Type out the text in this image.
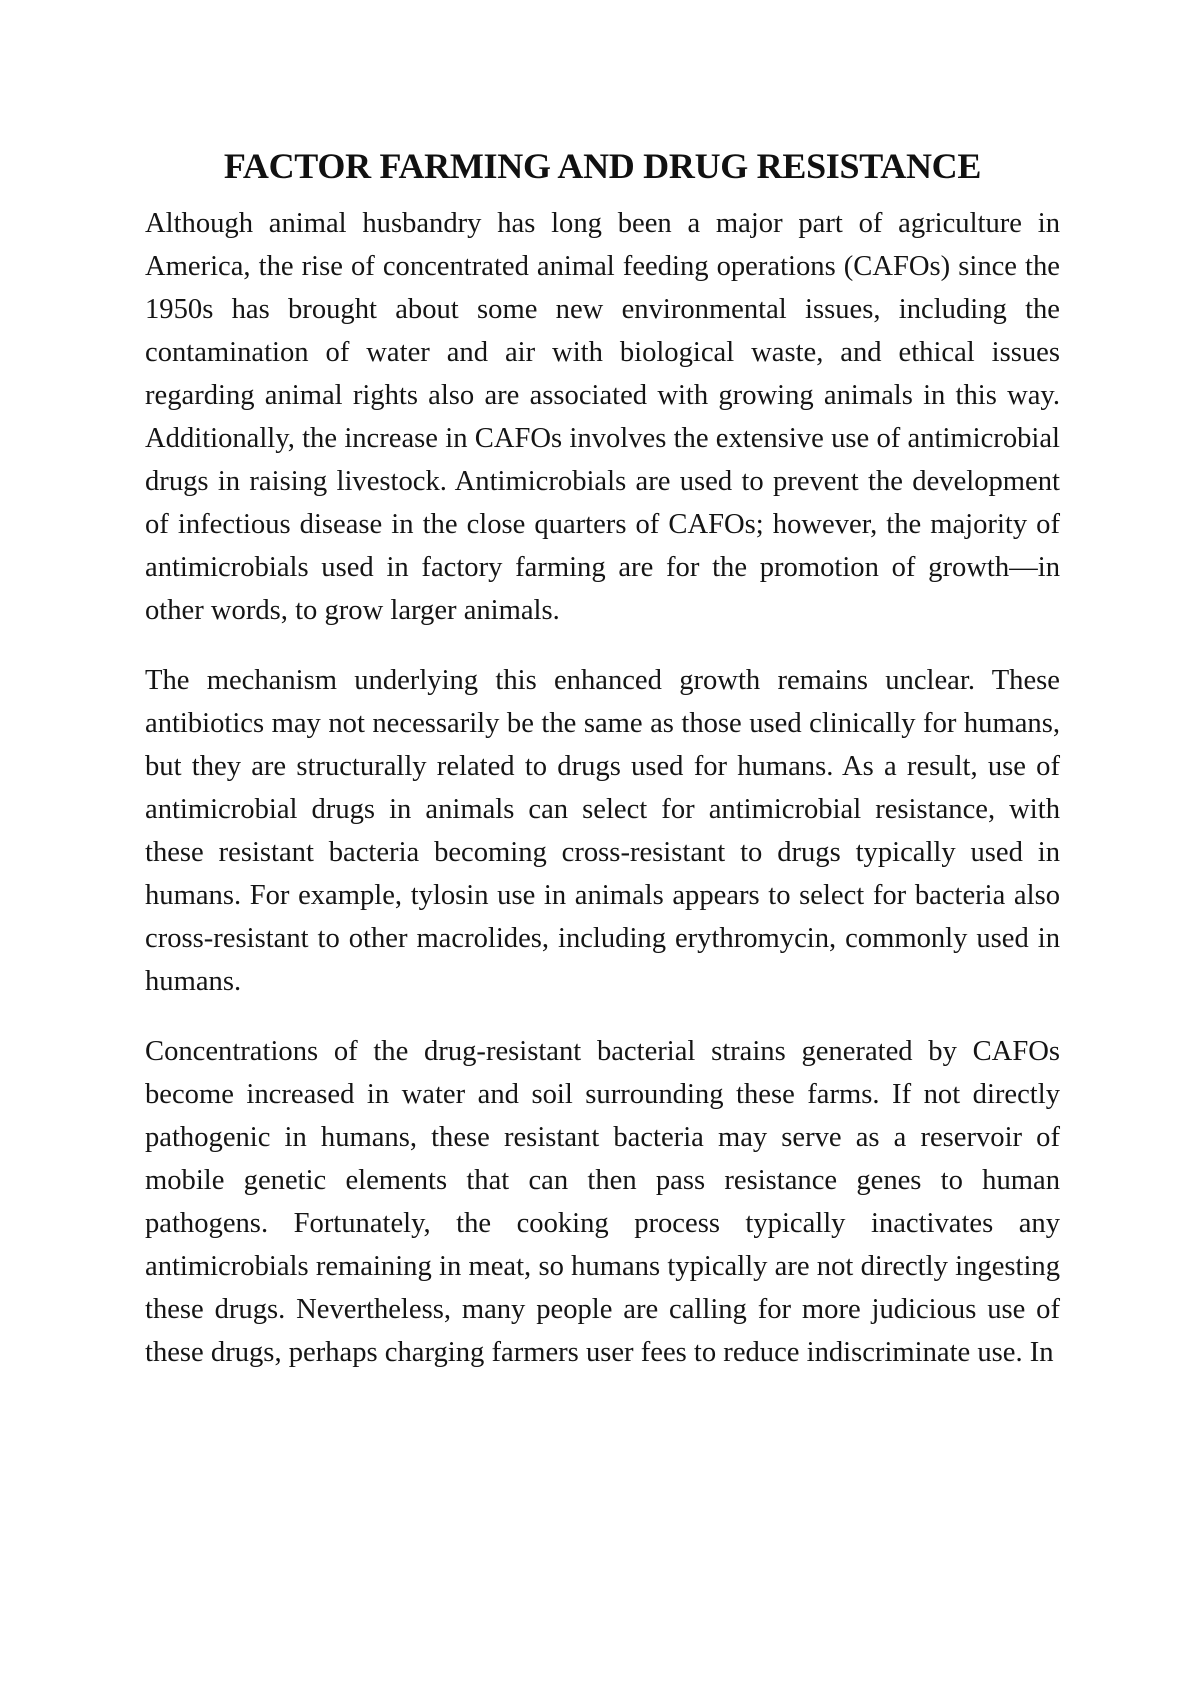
FACTOR FARMING AND DRUG RESISTANCE

Although animal husbandry has long been a major part of agriculture in America, the rise of concentrated animal feeding operations (CAFOs) since the 1950s has brought about some new environmental issues, including the contamination of water and air with biological waste, and ethical issues regarding animal rights also are associated with growing animals in this way. Additionally, the increase in CAFOs involves the extensive use of antimicrobial drugs in raising livestock. Antimicrobials are used to prevent the development of infectious disease in the close quarters of CAFOs; however, the majority of antimicrobials used in factory farming are for the promotion of growth—in other words, to grow larger animals.

The mechanism underlying this enhanced growth remains unclear. These antibiotics may not necessarily be the same as those used clinically for humans, but they are structurally related to drugs used for humans. As a result, use of antimicrobial drugs in animals can select for antimicrobial resistance, with these resistant bacteria becoming cross-resistant to drugs typically used in humans. For example, tylosin use in animals appears to select for bacteria also cross-resistant to other macrolides, including erythromycin, commonly used in humans.

Concentrations of the drug-resistant bacterial strains generated by CAFOs become increased in water and soil surrounding these farms. If not directly pathogenic in humans, these resistant bacteria may serve as a reservoir of mobile genetic elements that can then pass resistance genes to human pathogens. Fortunately, the cooking process typically inactivates any antimicrobials remaining in meat, so humans typically are not directly ingesting these drugs. Nevertheless, many people are calling for more judicious use of these drugs, perhaps charging farmers user fees to reduce indiscriminate use. In
